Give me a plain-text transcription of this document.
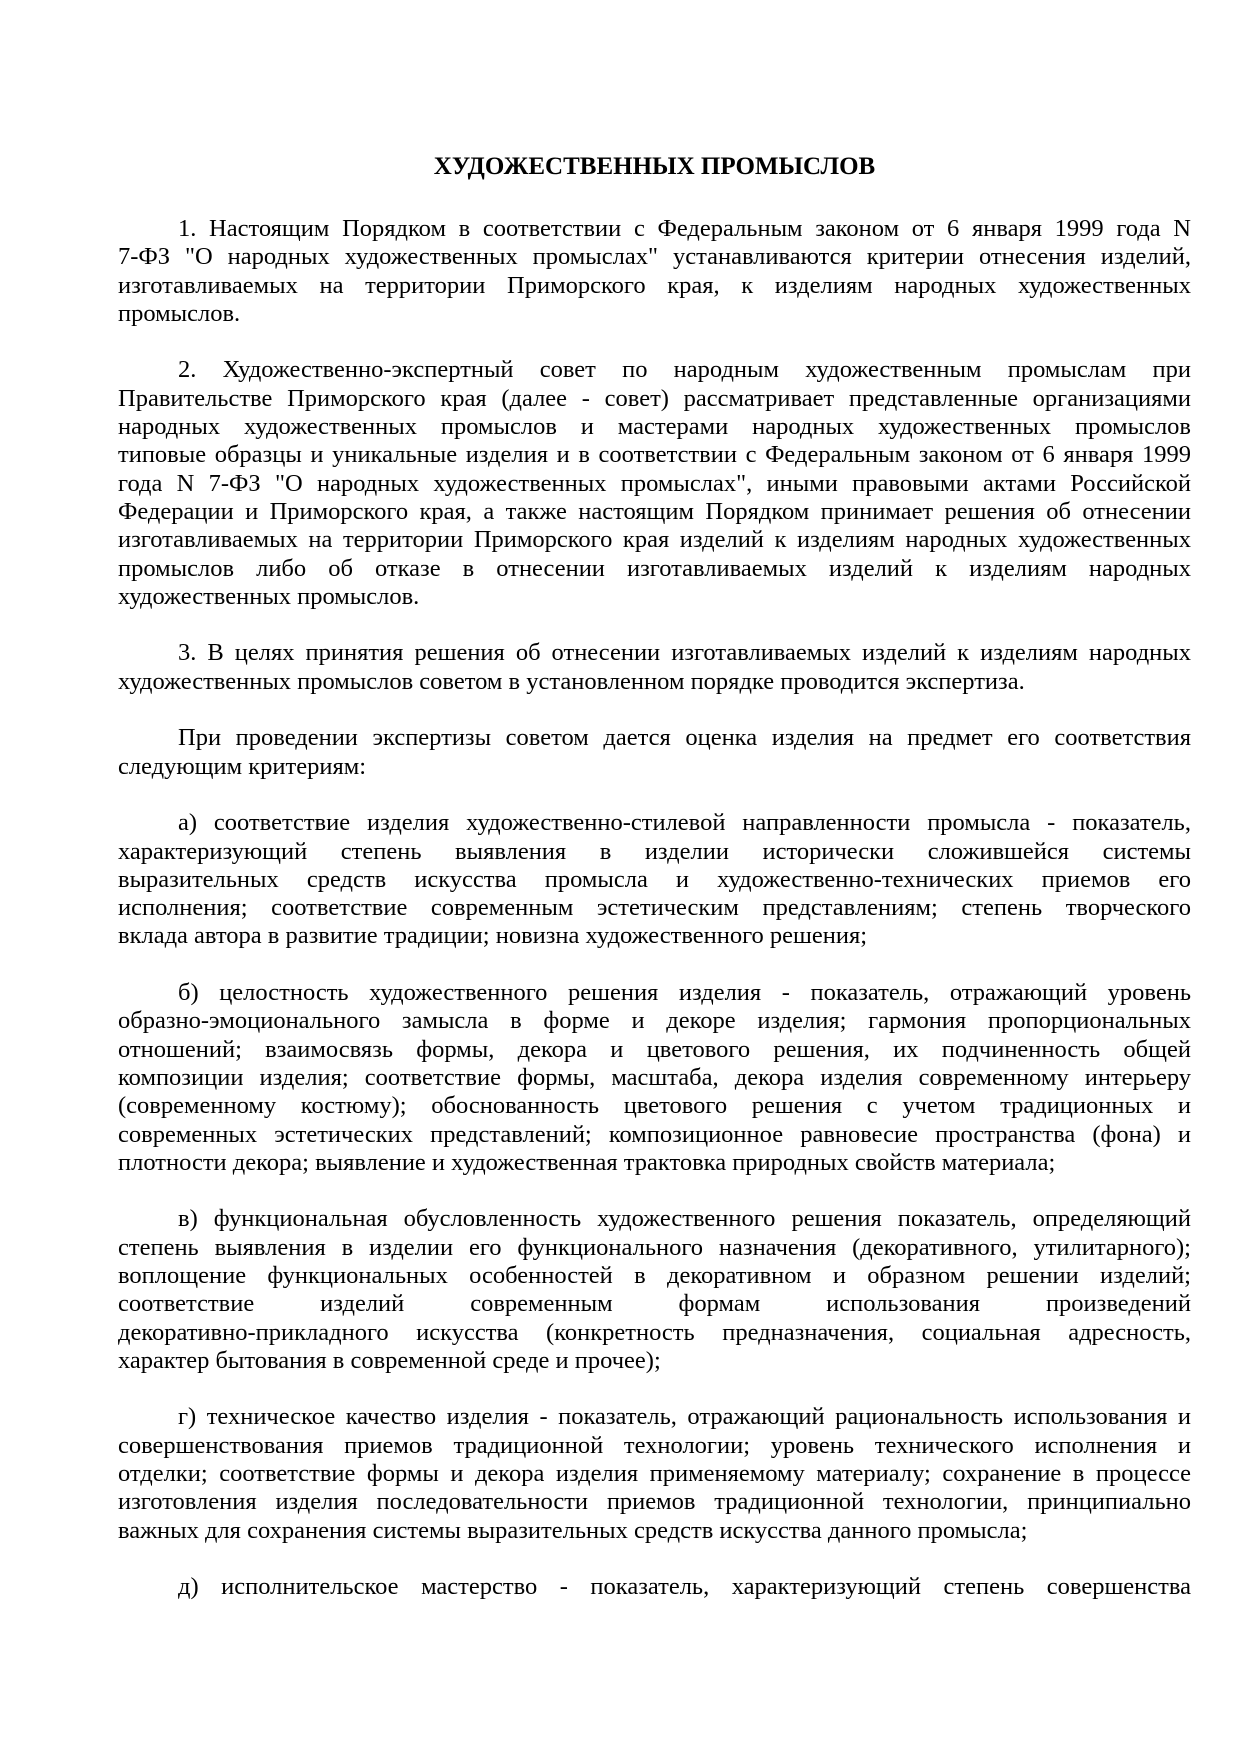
ХУДОЖЕСТВЕННЫХ ПРОМЫСЛОВ
1. Настоящим Порядком в соответствии с Федеральным законом от 6 января 1999 года N
7-ФЗ "О народных художественных промыслах" устанавливаются критерии отнесения изделий,
изготавливаемых на территории Приморского края, к изделиям народных художественных
промыслов.
2. Художественно-экспертный совет по народным художественным промыслам при
Правительстве Приморского края (далее - совет) рассматривает представленные организациями
народных художественных промыслов и мастерами народных художественных промыслов
типовые образцы и уникальные изделия и в соответствии с Федеральным законом от 6 января 1999
года N 7-ФЗ "О народных художественных промыслах", иными правовыми актами Российской
Федерации и Приморского края, а также настоящим Порядком принимает решения об отнесении
изготавливаемых на территории Приморского края изделий к изделиям народных художественных
промыслов либо об отказе в отнесении изготавливаемых изделий к изделиям народных
художественных промыслов.
3. В целях принятия решения об отнесении изготавливаемых изделий к изделиям народных
художественных промыслов советом в установленном порядке проводится экспертиза.
При проведении экспертизы советом дается оценка изделия на предмет его соответствия
следующим критериям:
а) соответствие изделия художественно-стилевой направленности промысла - показатель,
характеризующий степень выявления в изделии исторически сложившейся системы
выразительных средств искусства промысла и художественно-технических приемов его
исполнения; соответствие современным эстетическим представлениям; степень творческого
вклада автора в развитие традиции; новизна художественного решения;
б) целостность художественного решения изделия - показатель, отражающий уровень
образно-эмоционального замысла в форме и декоре изделия; гармония пропорциональных
отношений; взаимосвязь формы, декора и цветового решения, их подчиненность общей
композиции изделия; соответствие формы, масштаба, декора изделия современному интерьеру
(современному костюму); обоснованность цветового решения с учетом традиционных и
современных эстетических представлений; композиционное равновесие пространства (фона) и
плотности декора; выявление и художественная трактовка природных свойств материала;
в) функциональная обусловленность художественного решения показатель, определяющий
степень выявления в изделии его функционального назначения (декоративного, утилитарного);
воплощение функциональных особенностей в декоративном и образном решении изделий;
соответствие изделий современным формам использования произведений
декоративно-прикладного искусства (конкретность предназначения, социальная адресность,
характер бытования в современной среде и прочее);
г) техническое качество изделия - показатель, отражающий рациональность использования и
совершенствования приемов традиционной технологии; уровень технического исполнения и
отделки; соответствие формы и декора изделия применяемому материалу; сохранение в процессе
изготовления изделия последовательности приемов традиционной технологии, принципиально
важных для сохранения системы выразительных средств искусства данного промысла;
д) исполнительское мастерство - показатель, характеризующий степень совершенства
